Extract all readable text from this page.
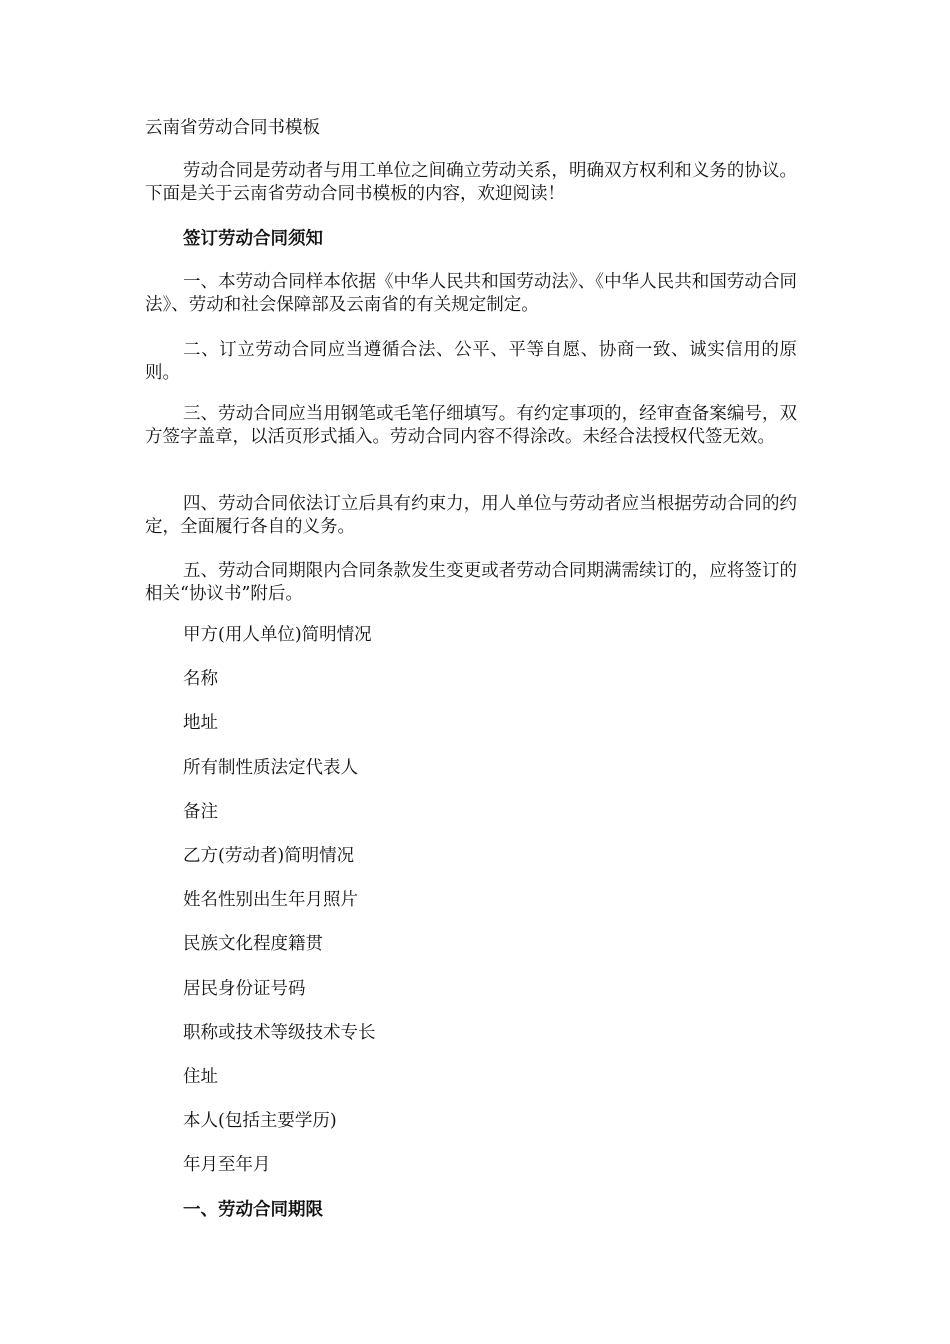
云南省劳动合同书模板

劳动合同是劳动者与用工单位之间确立劳动关系，明确双方权利和义务的协议。下面是关于云南省劳动合同书模板的内容，欢迎阅读！

签订劳动合同须知

一、本劳动合同样本依据《中华人民共和国劳动法》、《中华人民共和国劳动合同法》、劳动和社会保障部及云南省的有关规定制定。

二、订立劳动合同应当遵循合法、公平、平等自愿、协商一致、诚实信用的原则。

三、劳动合同应当用钢笔或毛笔仔细填写。有约定事项的，经审查备案编号，双方签字盖章，以活页形式插入。劳动合同内容不得涂改。未经合法授权代签无效。

四、劳动合同依法订立后具有约束力，用人单位与劳动者应当根据劳动合同的约定，全面履行各自的义务。

五、劳动合同期限内合同条款发生变更或者劳动合同期满需续订的，应将签订的相关“协议书”附后。

甲方(用人单位)简明情况

名称

地址

所有制性质法定代表人

备注

乙方(劳动者)简明情况

姓名性别出生年月照片

民族文化程度籍贯

居民身份证号码

职称或技术等级技术专长

住址

本人(包括主要学历)

年月至年月

一、劳动合同期限
